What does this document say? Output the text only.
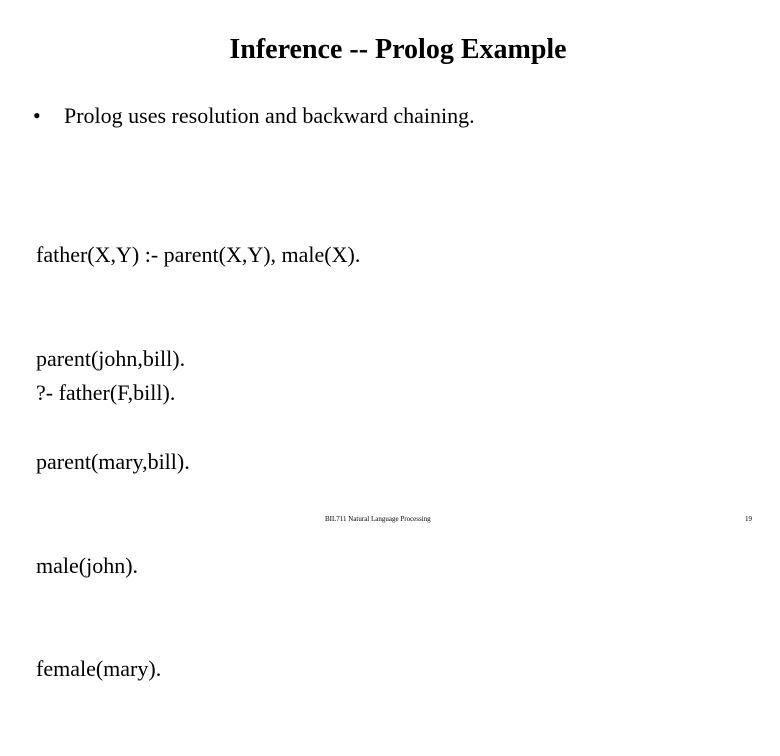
Inference -- Prolog Example
• Prolog uses resolution and backward chaining.

father(X,Y) :- parent(X,Y), male(X).

parent(john,bill).

parent(mary,bill).

male(john).

female(mary).

?- father(F,bill).
BIL711 Natural Language Processing	19
